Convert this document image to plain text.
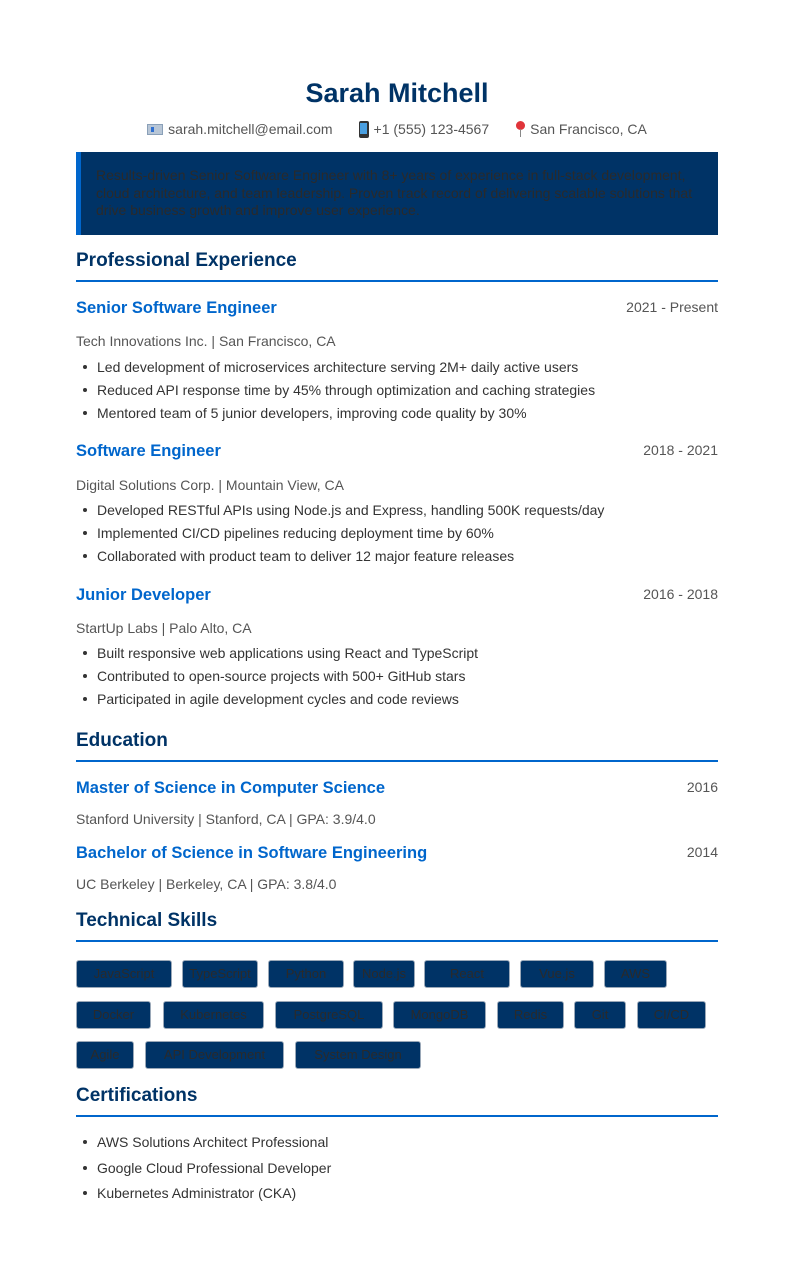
Sarah Mitchell
sarah.mitchell@email.com	+1 (555) 123-4567	San Francisco, CA
Results-driven Senior Software Engineer with 8+ years of experience in full-stack development, cloud architecture, and team leadership. Proven track record of delivering scalable solutions that drive business growth and improve user experience.
Professional Experience
Senior Software Engineer	2021 - Present
Tech Innovations Inc. | San Francisco, CA
Led development of microservices architecture serving 2M+ daily active users
Reduced API response time by 45% through optimization and caching strategies
Mentored team of 5 junior developers, improving code quality by 30%
Software Engineer	2018 - 2021
Digital Solutions Corp. | Mountain View, CA
Developed RESTful APIs using Node.js and Express, handling 500K requests/day
Implemented CI/CD pipelines reducing deployment time by 60%
Collaborated with product team to deliver 12 major feature releases
Junior Developer	2016 - 2018
StartUp Labs | Palo Alto, CA
Built responsive web applications using React and TypeScript
Contributed to open-source projects with 500+ GitHub stars
Participated in agile development cycles and code reviews
Education
Master of Science in Computer Science	2016
Stanford University | Stanford, CA | GPA: 3.9/4.0
Bachelor of Science in Software Engineering	2014
UC Berkeley | Berkeley, CA | GPA: 3.8/4.0
Technical Skills
JavaScript	TypeScript	Python	Node.js	React	Vue.js	AWS
Docker	Kubernetes	PostgreSQL	MongoDB	Redis	Git	CI/CD
Agile	API Development	System Design
Certifications
AWS Solutions Architect Professional
Google Cloud Professional Developer
Kubernetes Administrator (CKA)
